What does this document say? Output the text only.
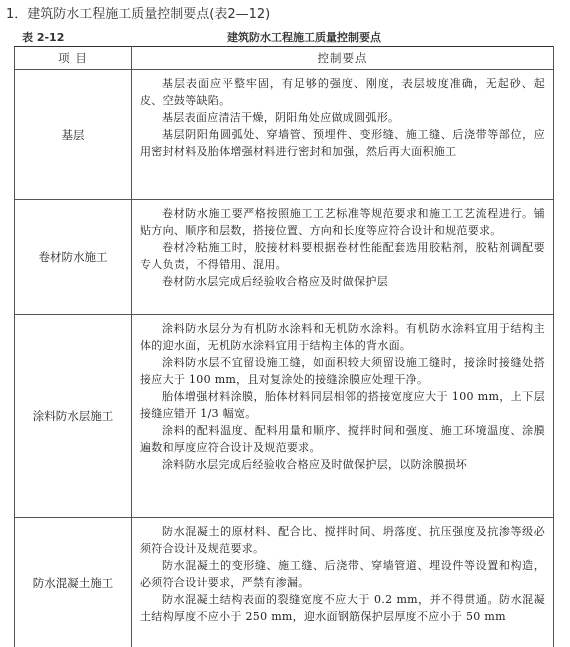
1．建筑防水工程施工质量控制要点(表2—12)
表 2-12	建筑防水工程施工质量控制要点
项 目	控制要点
基层	基层表面应平整牢固，有足够的强度、刚度，表层坡度准确，无起砂、起皮、空鼓等缺陷。

基层表面应清洁干燥，阴阳角处应做成圆弧形。

基层阴阳角圆弧处、穿墙管、预埋件、变形缝、施工缝、后浇带等部位，应用密封材料及胎体增强材料进行密封和加强，然后再大面积施工

卷材防水施工	卷材防水施工要严格按照施工工艺标准等规范要求和施工工艺流程进行。铺贴方向、顺序和层数，搭接位置、方向和长度等应符合设计和规范要求。

卷材冷粘施工时，胶接材料要根据卷材性能配套选用胶粘剂，胶粘剂调配要专人负责，不得错用、混用。

卷材防水层完成后经验收合格应及时做保护层

涂料防水层施工	涂料防水层分为有机防水涂料和无机防水涂料。有机防水涂料宜用于结构主体的迎水面，无机防水涂料宜用于结构主体的背水面。

涂料防水层不宜留设施工缝，如面积较大须留设施工缝时，接涂时接缝处搭接应大于 100 mm，且对复涂处的接缝涂膜应处理干净。

胎体增强材料涂膜，胎体材料同层相邻的搭接宽度应大于 100 mm，上下层接缝应错开 1/3 幅宽。

涂料的配料温度、配料用量和顺序、搅拌时间和强度、施工环境温度、涂膜遍数和厚度应符合设计及规范要求。

涂料防水层完成后经验收合格应及时做保护层，以防涂膜损坏

防水混凝土施工	防水混凝土的原材料、配合比、搅拌时间、坍落度、抗压强度及抗渗等级必须符合设计及规范要求。

防水混凝土的变形缝、施工缝、后浇带、穿墙管道、埋设件等设置和构造，必须符合设计要求，严禁有渗漏。

防水混凝土结构表面的裂缝宽度不应大于 0.2 mm，并不得贯通。防水混凝土结构厚度不应小于 250 mm，迎水面钢筋保护层厚度不应小于 50 mm
